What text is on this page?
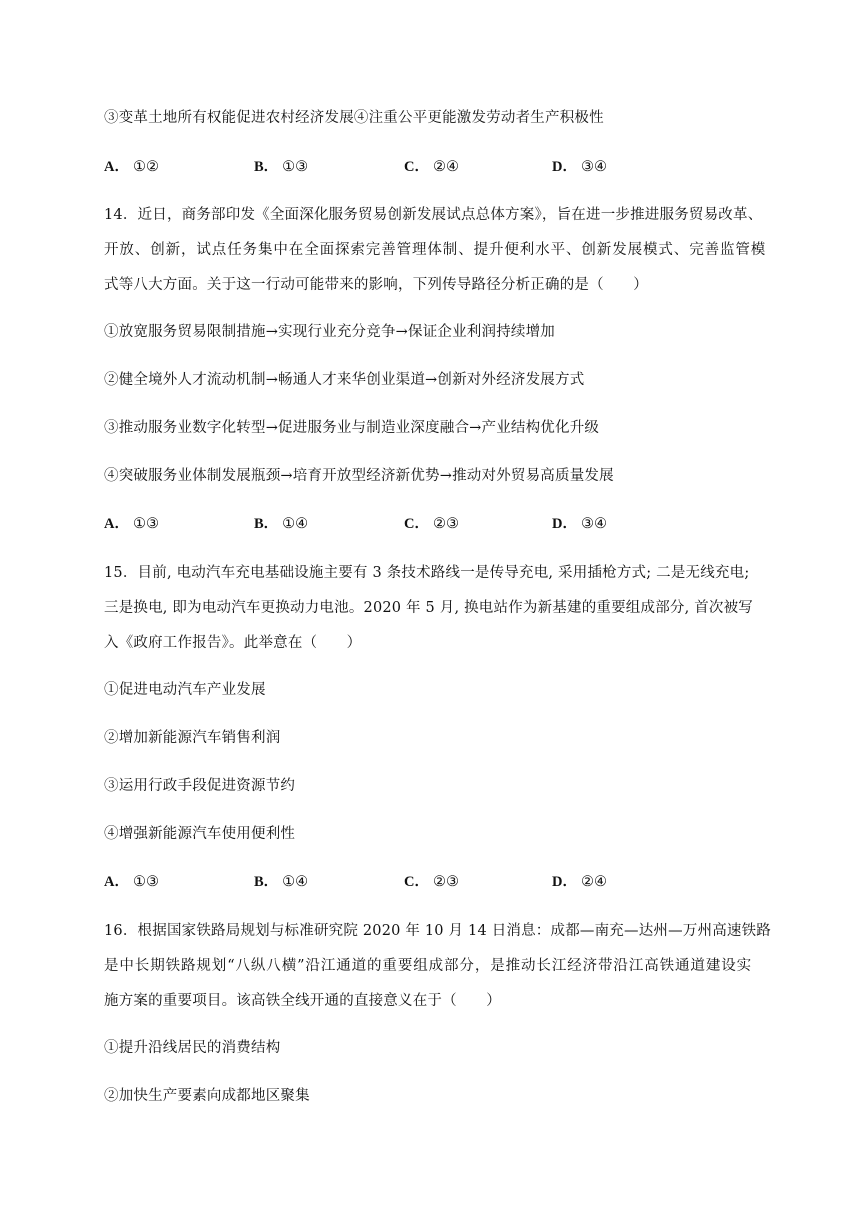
③变革土地所有权能促进农村经济发展④注重公平更能激发劳动者生产积极性
A． ①②	B． ①③	C． ②④	D． ③④
14．近日，商务部印发《全面深化服务贸易创新发展试点总体方案》，旨在进一步推进服务贸易改革、
开放、创新，试点任务集中在全面探索完善管理体制、提升便利水平、创新发展模式、完善监管模
式等八大方面。关于这一行动可能带来的影响，下列传导路径分析正确的是（　　）
①放宽服务贸易限制措施→实现行业充分竞争→保证企业利润持续增加
②健全境外人才流动机制→畅通人才来华创业渠道→创新对外经济发展方式
③推动服务业数字化转型→促进服务业与制造业深度融合→产业结构优化升级
④突破服务业体制发展瓶颈→培育开放型经济新优势→推动对外贸易高质量发展
A． ①③	B． ①④	C． ②③	D． ③④
15．目前, 电动汽车充电基础设施主要有 3 条技术路线一是传导充电, 采用插枪方式; 二是无线充电;
三是换电, 即为电动汽车更换动力电池。2020 年 5 月, 换电站作为新基建的重要组成部分, 首次被写
入《政府工作报告》。此举意在（　　）
①促进电动汽车产业发展
②增加新能源汽车销售利润
③运用行政手段促进资源节约
④增强新能源汽车使用便利性
A． ①③	B． ①④	C． ②③	D． ②④
16．根据国家铁路局规划与标准研究院 2020 年 10 月 14 日消息：成都—南充—达州—万州高速铁路
是中长期铁路规划“八纵八横”沿江通道的重要组成部分，是推动长江经济带沿江高铁通道建设实
施方案的重要项目。该高铁全线开通的直接意义在于（　　）
①提升沿线居民的消费结构
②加快生产要素向成都地区聚集
